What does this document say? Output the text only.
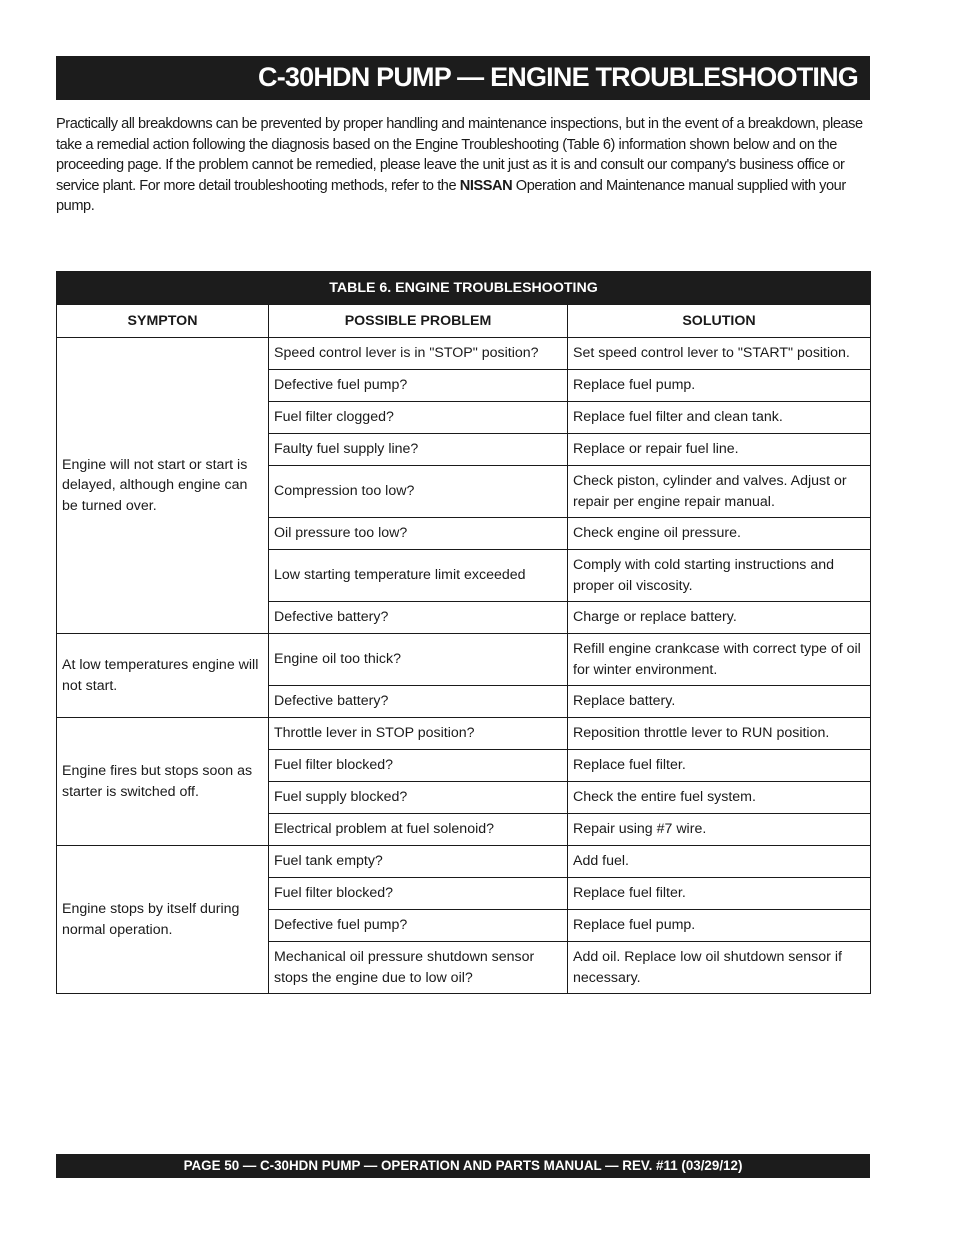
C-30HDN PUMP — ENGINE TROUBLESHOOTING

Practically all breakdowns can be prevented by proper handling and maintenance inspections, but in the event of a breakdown, please take a remedial action following the diagnosis based on the Engine Troubleshooting (Table 6) information shown below and on the proceeding page. If the problem cannot be remedied, please leave the unit just as it is and consult our company's business office or service plant. For more detail troubleshooting methods, refer to the NISSAN Operation and Maintenance manual supplied with your pump.

TABLE 6. ENGINE TROUBLESHOOTING		
SYMPTON	POSSIBLE PROBLEM	SOLUTION
Engine will not start or start is delayed, although engine can be turned over.	Speed control lever is in "STOP" position?	Set speed control lever to "START" position.
	Defective fuel pump?	Replace fuel pump.
	Fuel filter clogged?	Replace fuel filter and clean tank.
	Faulty fuel supply line?	Replace or repair fuel line.
	Compression too low?	Check piston, cylinder and valves. Adjust or repair per engine repair manual.
	Oil pressure too low?	Check engine oil pressure.
	Low starting temperature limit exceeded	Comply with cold starting instructions and proper oil viscosity.
	Defective battery?	Charge or replace battery.
At low temperatures engine will not start.	Engine oil too thick?	Refill engine crankcase with correct type of oil for winter environment.
	Defective battery?	Replace battery.
Engine fires but stops soon as starter is switched off.	Throttle lever in STOP position?	Reposition throttle lever to RUN position.
	Fuel filter blocked?	Replace fuel filter.
	Fuel supply blocked?	Check the entire fuel system.
	Electrical problem at fuel solenoid?	Repair using #7 wire.
Engine stops by itself during normal operation.	Fuel tank empty?	Add fuel.
	Fuel filter blocked?	Replace fuel filter.
	Defective fuel pump?	Replace fuel pump.
	Mechanical oil pressure shutdown sensor stops the engine due to low oil?	Add oil. Replace low oil shutdown sensor if necessary.
PAGE 50 — C-30HDN PUMP — OPERATION AND PARTS MANUAL — REV. #11 (03/29/12)
